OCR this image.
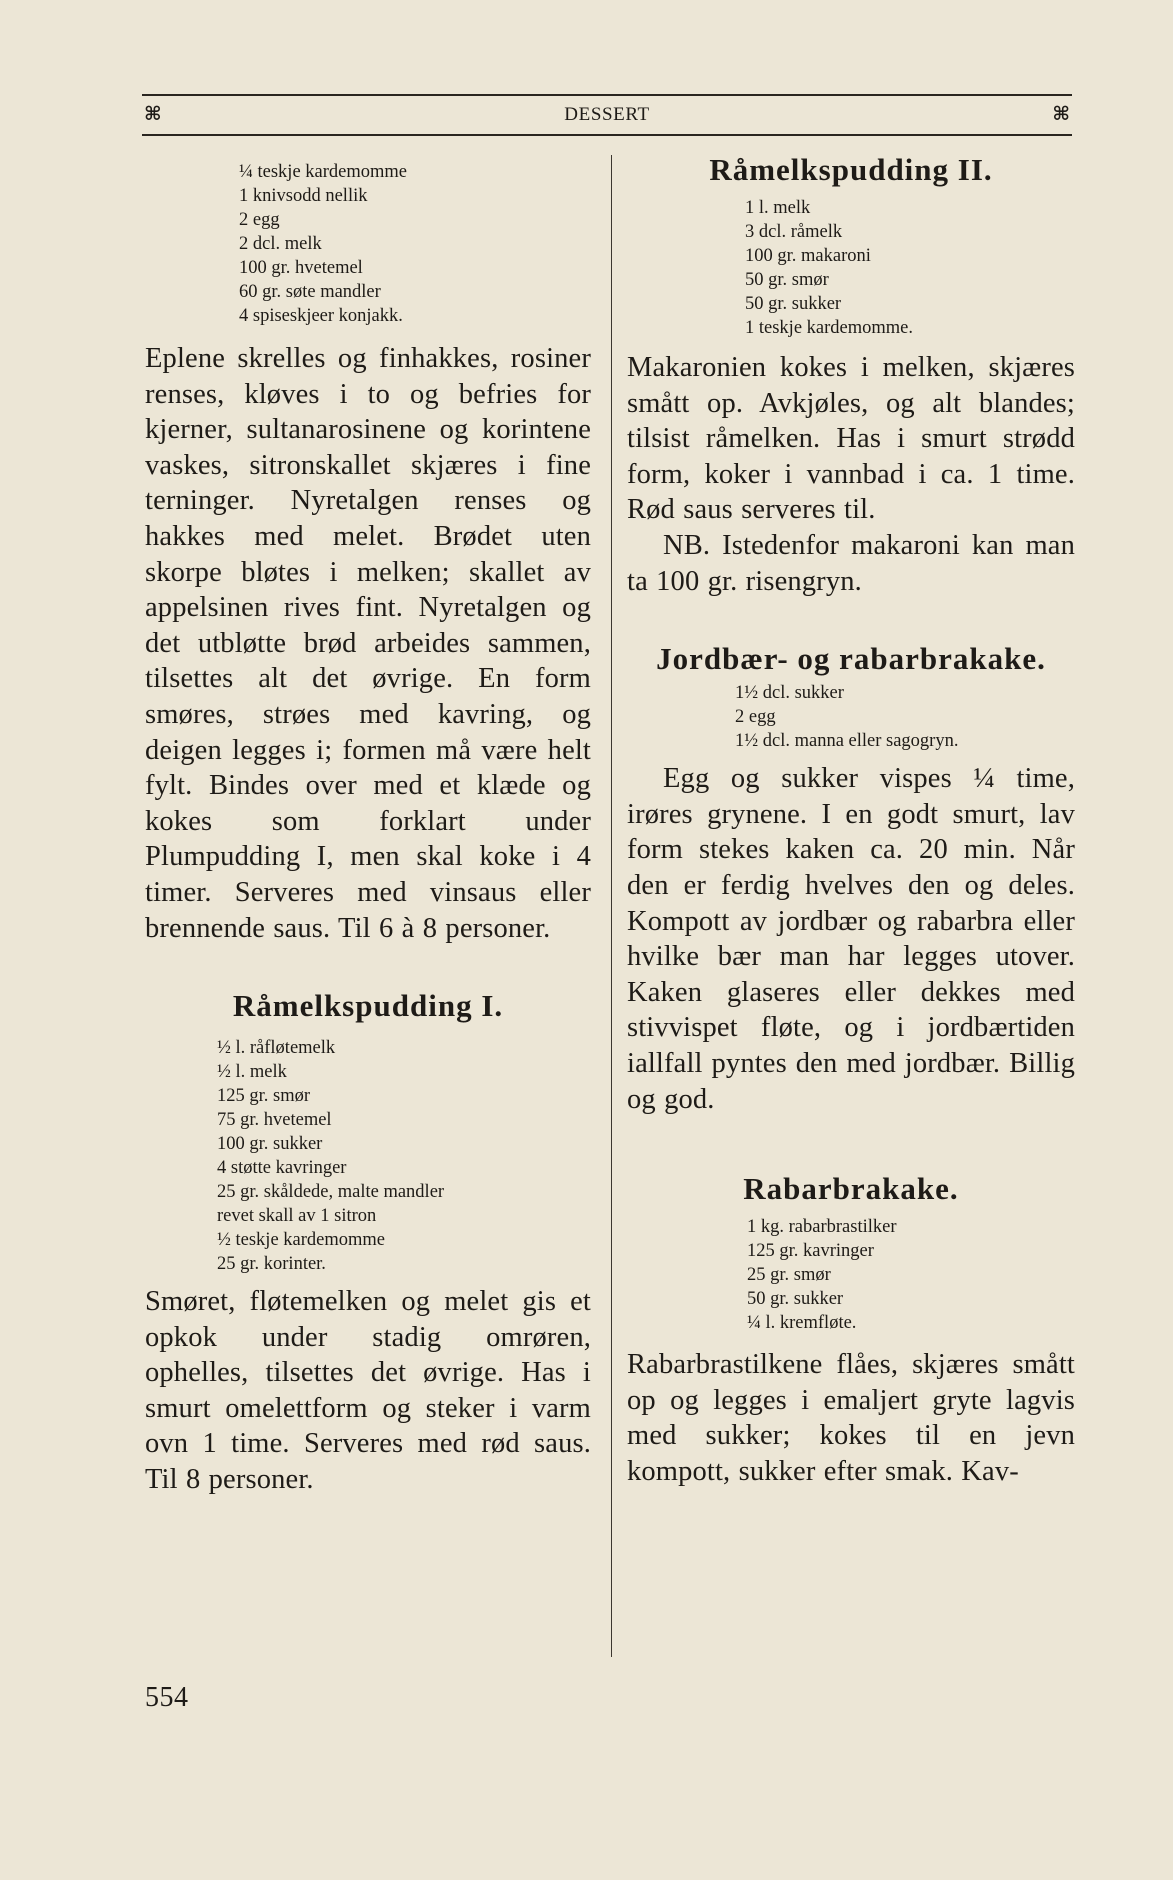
⌘	DESSERT	⌘
¼ teskje kardemomme
1 knivsodd nellik
2 egg
2 dcl. melk
100 gr. hvetemel
60 gr. søte mandler
4 spiseskjeer konjakk.

Eplene skrelles og finhakkes, rosiner renses, kløves i to og befries for kjerner, sultanarosinene og korintene vaskes, sitronskallet skjæres i fine terninger. Nyretalgen renses og hakkes med melet. Brødet uten skorpe bløtes i melken; skallet av appelsinen rives fint. Nyretalgen og det utbløtte brød arbeides sammen, tilsettes alt det øvrige. En form smøres, strøes med kavring, og deigen legges i; formen må være helt fylt. Bindes over med et klæde og kokes som forklart under Plumpudding I, men skal koke i 4 timer. Serveres med vinsaus eller brennende saus. Til 6 à 8 personer.

Råmelkspudding I.
½ l. råfløtemelk
½ l. melk
125 gr. smør
75 gr. hvetemel
100 gr. sukker
4 støtte kavringer
25 gr. skåldede, malte mandler
revet skall av 1 sitron
½ teskje kardemomme
25 gr. korinter.

Smøret, fløtemelken og melet gis et opkok under stadig omrøren, ophelles, tilsettes det øvrige. Has i smurt omelettform og steker i varm ovn 1 time. Serveres med rød saus. Til 8 personer.

Råmelkspudding II.
1 l. melk
3 dcl. råmelk
100 gr. makaroni
50 gr. smør
50 gr. sukker
1 teskje kardemomme.

Makaronien kokes i melken, skjæres smått op. Avkjøles, og alt blandes; tilsist råmelken. Has i smurt strødd form, koker i vannbad i ca. 1 time. Rød saus serveres til.

NB. Istedenfor makaroni kan man ta 100 gr. risengryn.

Jordbær- og rabarbrakake.
1½ dcl. sukker
2 egg
1½ dcl. manna eller sagogryn.

Egg og sukker vispes ¼ time, irøres grynene. I en godt smurt, lav form stekes kaken ca. 20 min. Når den er ferdig hvelves den og deles. Kompott av jordbær og rabarbra eller hvilke bær man har legges utover. Kaken glaseres eller dekkes med stivvispet fløte, og i jordbærtiden iallfall pyntes den med jordbær. Billig og god.

Rabarbrakake.
1 kg. rabarbrastilker
125 gr. kavringer
25 gr. smør
50 gr. sukker
¼ l. kremfløte.

Rabarbrastilkene flåes, skjæres smått op og legges i emaljert gryte lagvis med sukker; kokes til en jevn kompott, sukker efter smak. Kav-

554
